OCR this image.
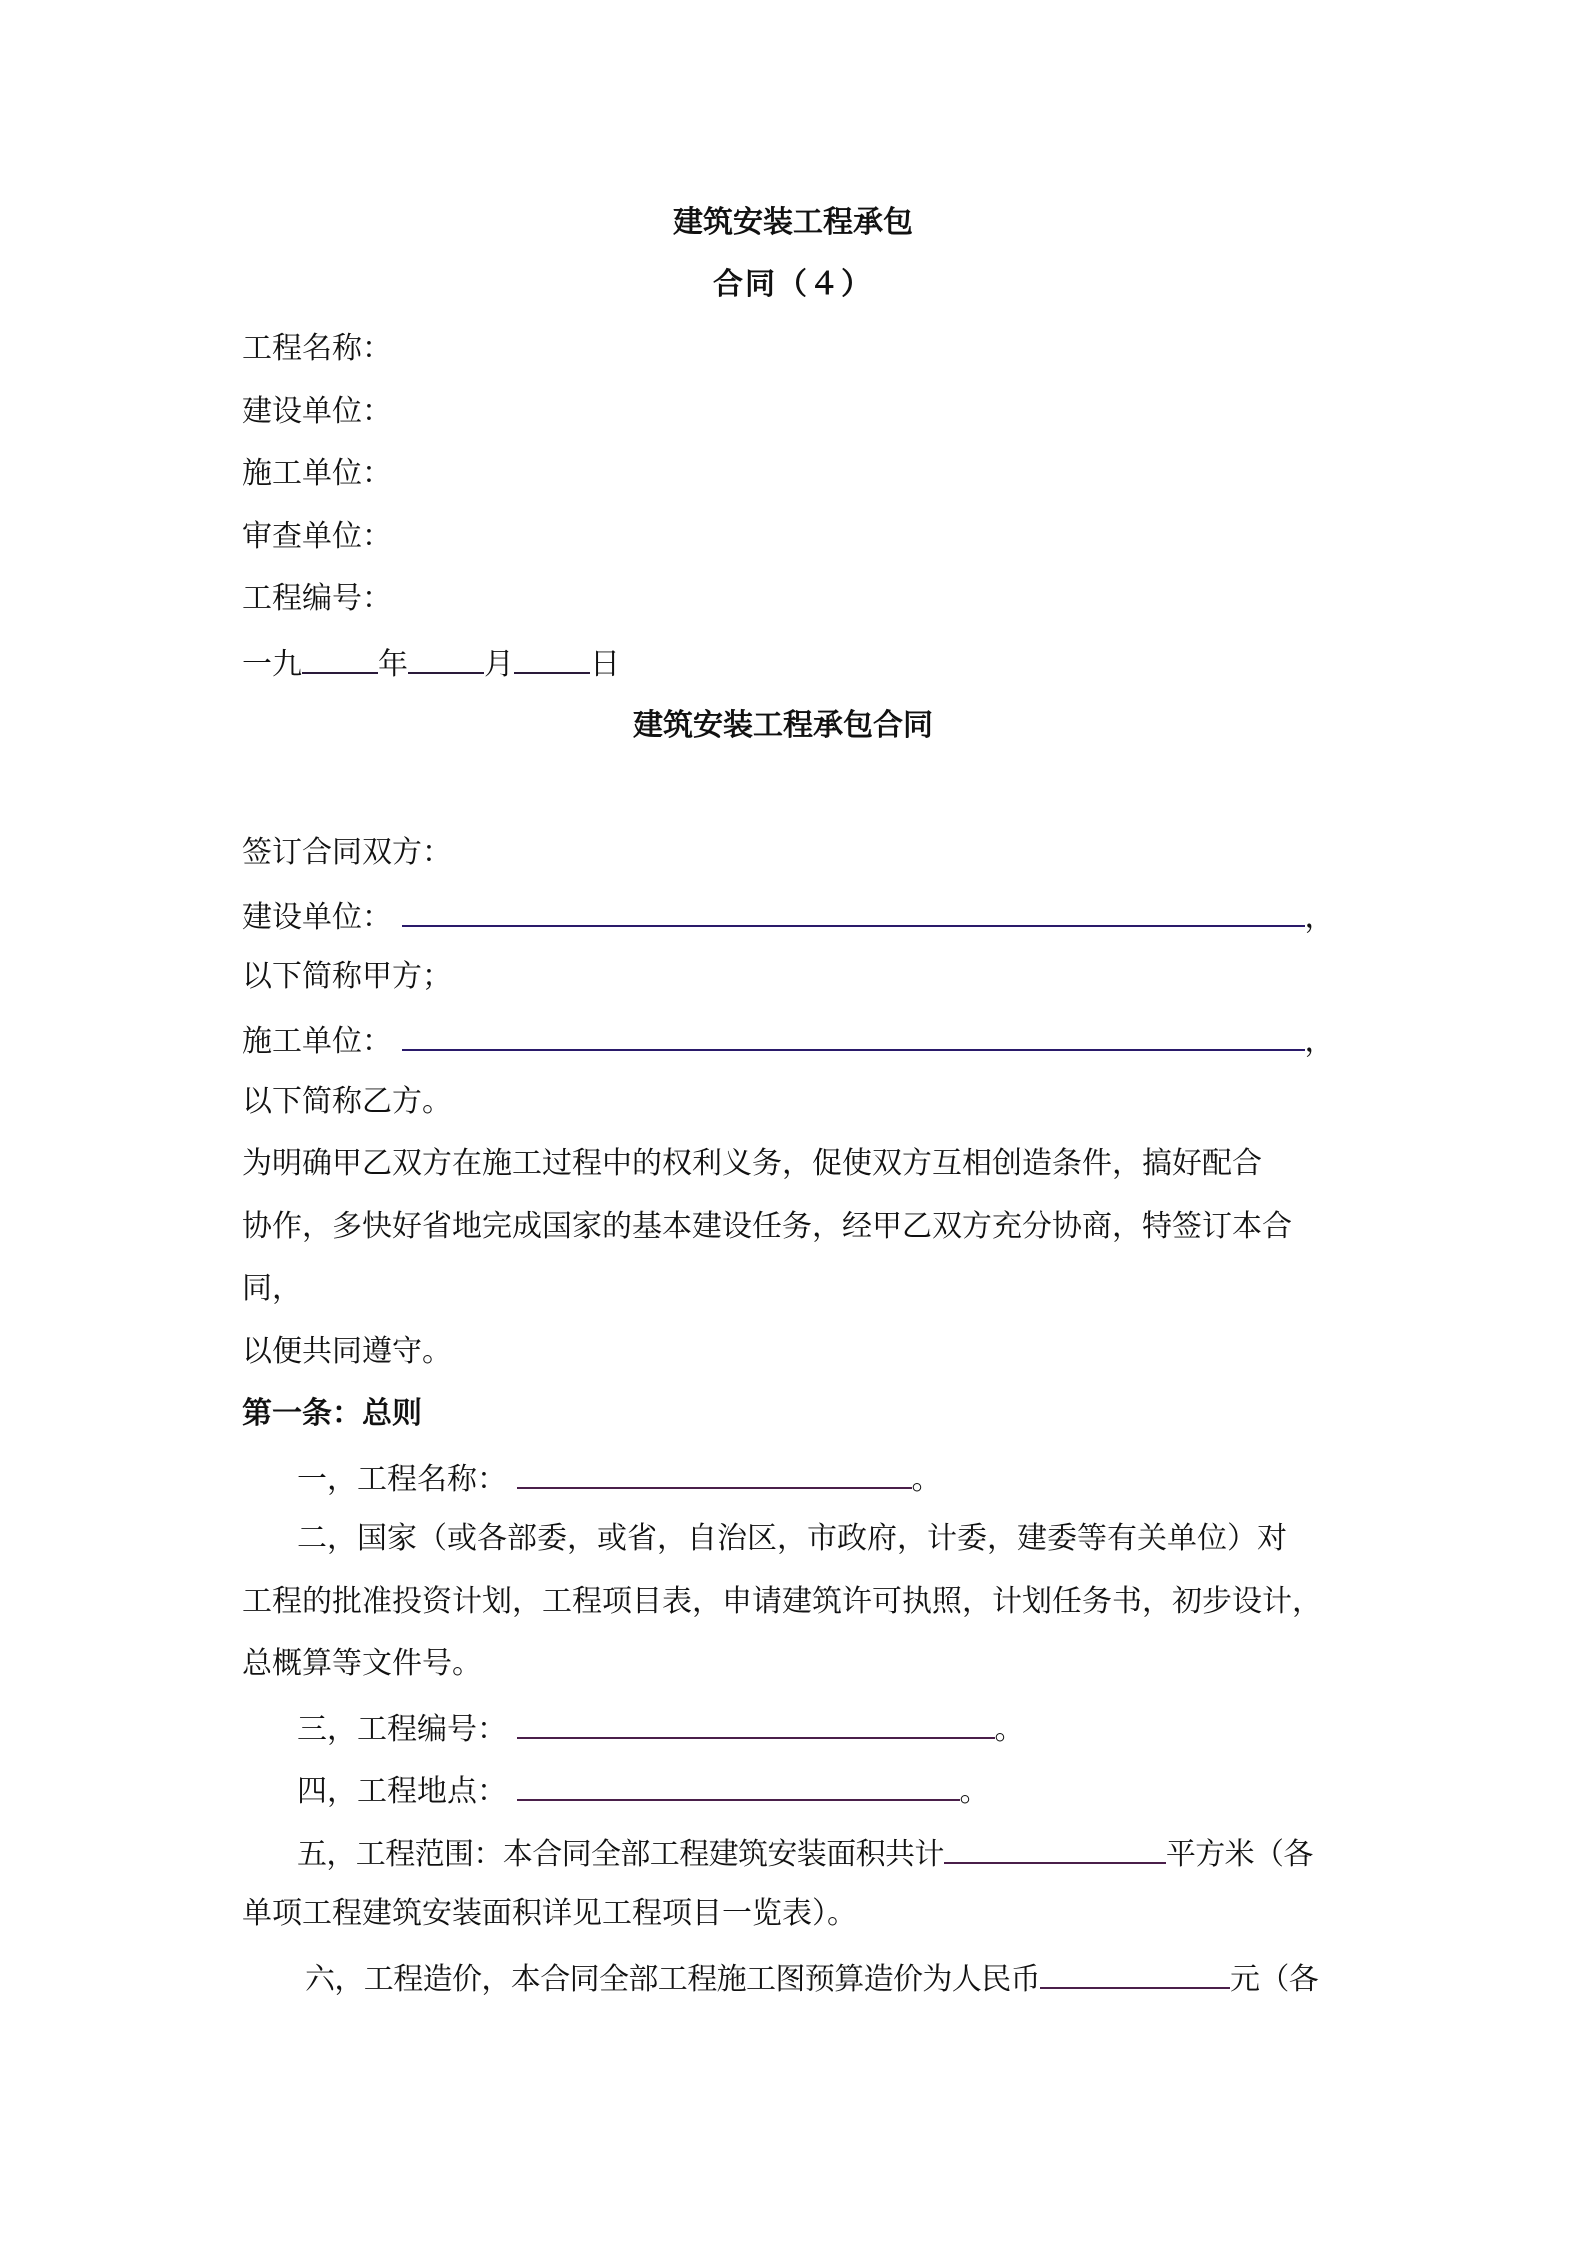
建筑安装工程承包
合同（４）
工程名称：
建设单位：
施工单位：
审查单位：
工程编号：
一九	年	月	日
建筑安装工程承包合同
签订合同双方：
建设单位：	，
以下简称甲方；
施工单位：	，
以下简称乙方。
为明确甲乙双方在施工过程中的权利义务，促使双方互相创造条件，搞好配合
协作，多快好省地完成国家的基本建设任务，经甲乙双方充分协商，特签订本合
同，
以便共同遵守。
第一条：总则
一，工程名称：	。
二，国家（或各部委，或省，自治区，市政府，计委，建委等有关单位）对
工程的批准投资计划，工程项目表，申请建筑许可执照，计划任务书，初步设计，
总概算等文件号。
三，工程编号：	。
四，工程地点：	。
五，工程范围：本合同全部工程建筑安装面积共计	平方米（各
单项工程建筑安装面积详见工程项目一览表）。
六，工程造价，本合同全部工程施工图预算造价为人民币	元（各
